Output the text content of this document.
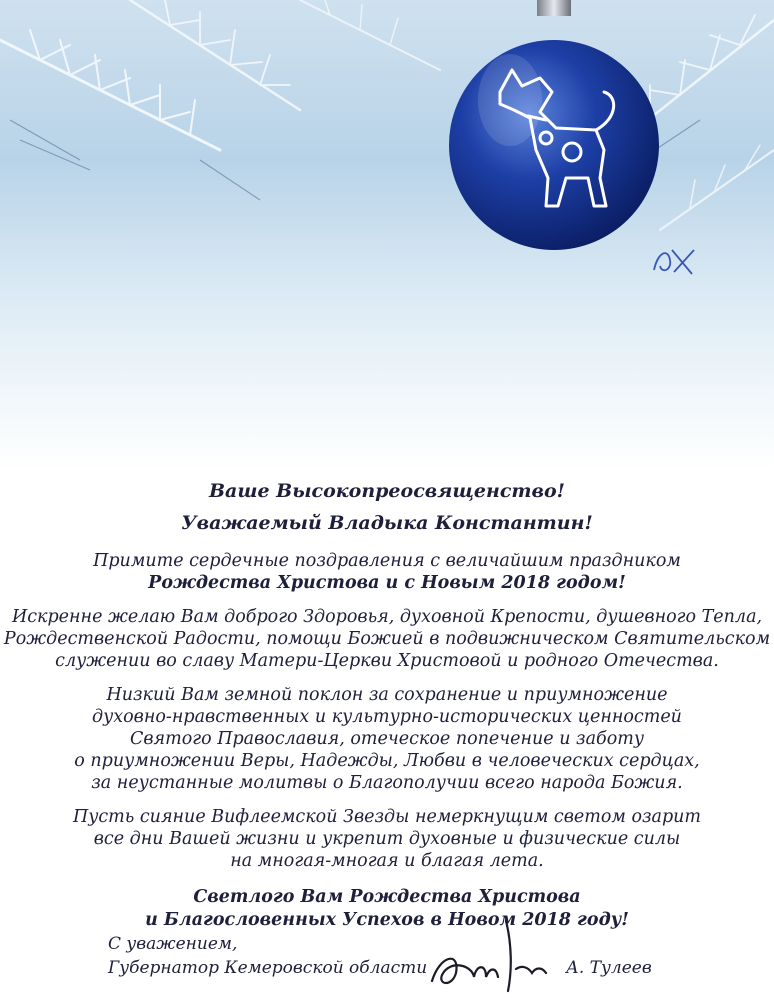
Ваше Высокопреосвященство!
Уважаемый Владыка Константин!
Примите сердечные поздравления с величайшим праздником
Рождества Христова и с Новым 2018 годом!
Искренне желаю Вам доброго Здоровья, духовной Крепости, душевного Тепла,
Рождественской Радости, помощи Божией в подвижническом Святительском
служении во славу Матери-Церкви Христовой и родного Отечества.
Низкий Вам земной поклон за сохранение и приумножение
духовно-нравственных и культурно-исторических ценностей
Святого Православия, отеческое попечение и заботу
о приумножении Веры, Надежды, Любви в человеческих сердцах,
за неустанные молитвы о Благополучии всего народа Божия.
Пусть сияние Вифлеемской Звезды немеркнущим светом озарит
все дни Вашей жизни и укрепит духовные и физические силы
на многая-многая и благая лета.
Светлого Вам Рождества Христова
и Благословенных Успехов в Новом 2018 году!
С уважением,
Губернатор Кемеровской области	А. Тулеев
